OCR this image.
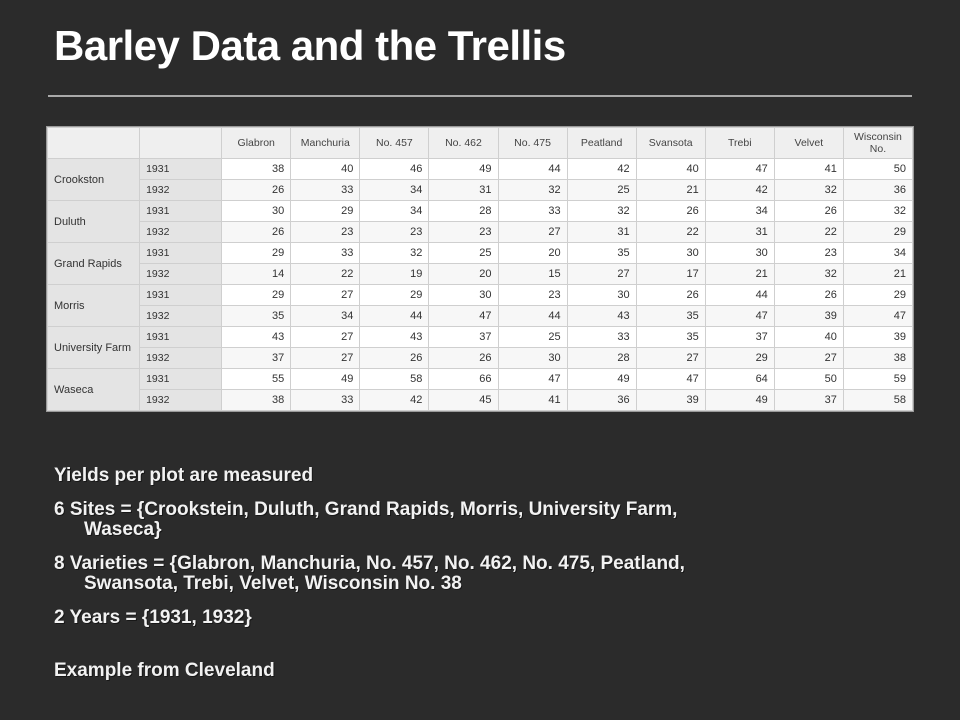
Barley Data and the Trellis
		Glabron	Manchuria	No. 457	No. 462	No. 475	Peatland	Svansota	Trebi	Velvet	Wisconsin No.
Crookston	1931	38	40	46	49	44	42	40	47	41	50
	1932	26	33	34	31	32	25	21	42	32	36
Duluth	1931	30	29	34	28	33	32	26	34	26	32
	1932	26	23	23	23	27	31	22	31	22	29
Grand Rapids	1931	29	33	32	25	20	35	30	30	23	34
	1932	14	22	19	20	15	27	17	21	32	21
Morris	1931	29	27	29	30	23	30	26	44	26	29
	1932	35	34	44	47	44	43	35	47	39	47
University Farm	1931	43	27	43	37	25	33	35	37	40	39
	1932	37	27	26	26	30	28	27	29	27	38
Waseca	1931	55	49	58	66	47	49	47	64	50	59
	1932	38	33	42	45	41	36	39	49	37	58
Yields per plot are measured
6 Sites = {Crookstein, Duluth, Grand Rapids, Morris, University Farm,
Waseca}
8 Varieties = {Glabron, Manchuria, No. 457, No. 462, No. 475, Peatland,
Swansota, Trebi, Velvet, Wisconsin No. 38
2 Years = {1931, 1932}
Example from Cleveland
